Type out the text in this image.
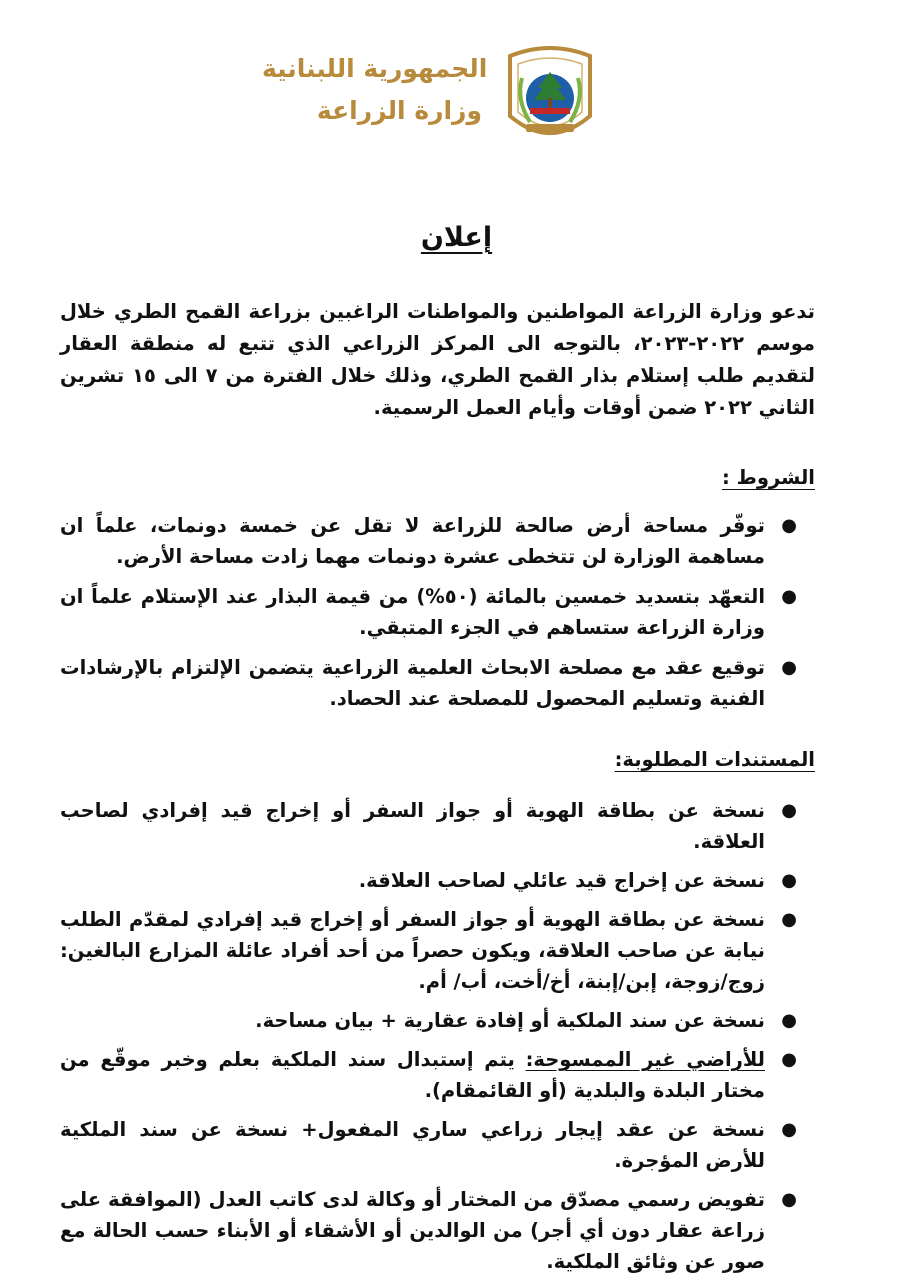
الجمهورية اللبنانية
وزارة الزراعة
إعلان

تدعو وزارة الزراعة المواطنين والمواطنات الراغبين بزراعة القمح الطري خلال موسم ٢٠٢٢-٢٠٢٣، بالتوجه الى المركز الزراعي الذي تتبع له منطقة العقار لتقديم طلب إستلام بذار القمح الطري، وذلك خلال الفترة من ٧ الى ١٥ تشرين الثاني ٢٠٢٢ ضمن أوقات وأيام العمل الرسمية.

الشروط :
●
توفّر مساحة أرض صالحة للزراعة لا تقل عن خمسة دونمات، علماً ان مساهمة الوزارة لن تتخطى عشرة دونمات مهما زادت مساحة الأرض.
●
التعهّد بتسديد خمسين بالمائة (٥٠%) من قيمة البذار عند الإستلام علماً ان وزارة الزراعة ستساهم في الجزء المتبقي.
●
توقيع عقد مع مصلحة الابحاث العلمية الزراعية يتضمن الإلتزام بالإرشادات الفنية وتسليم المحصول للمصلحة عند الحصاد.
المستندات المطلوبة:
●
نسخة عن بطاقة الهوية أو جواز السفر أو إخراج قيد إفرادي لصاحب العلاقة.
●
نسخة عن إخراج قيد عائلي لصاحب العلاقة.
●
نسخة عن بطاقة الهوية أو جواز السفر أو إخراج قيد إفرادي لمقدّم الطلب نيابة عن صاحب العلاقة، ويكون حصراً من أحد أفراد عائلة المزارع البالغين: زوج/زوجة، إبن/إبنة، أخ/أخت، أب/ أم.
●
نسخة عن سند الملكية أو إفادة عقارية + بيان مساحة.
●
للأراضي غير الممسوحة: يتم إستبدال سند الملكية بعلم وخبر موقّع من مختار البلدة والبلدية (أو القائمقام).
●
نسخة عن عقد إيجار زراعي ساري المفعول+ نسخة عن سند الملكية للأرض المؤجرة.
●
تفويض رسمي مصدّق من المختار أو وكالة لدى كاتب العدل (الموافقة على زراعة عقار دون أي أجر) من الوالدين أو الأشقاء أو الأبناء حسب الحالة مع صور عن وثائق الملكية.
